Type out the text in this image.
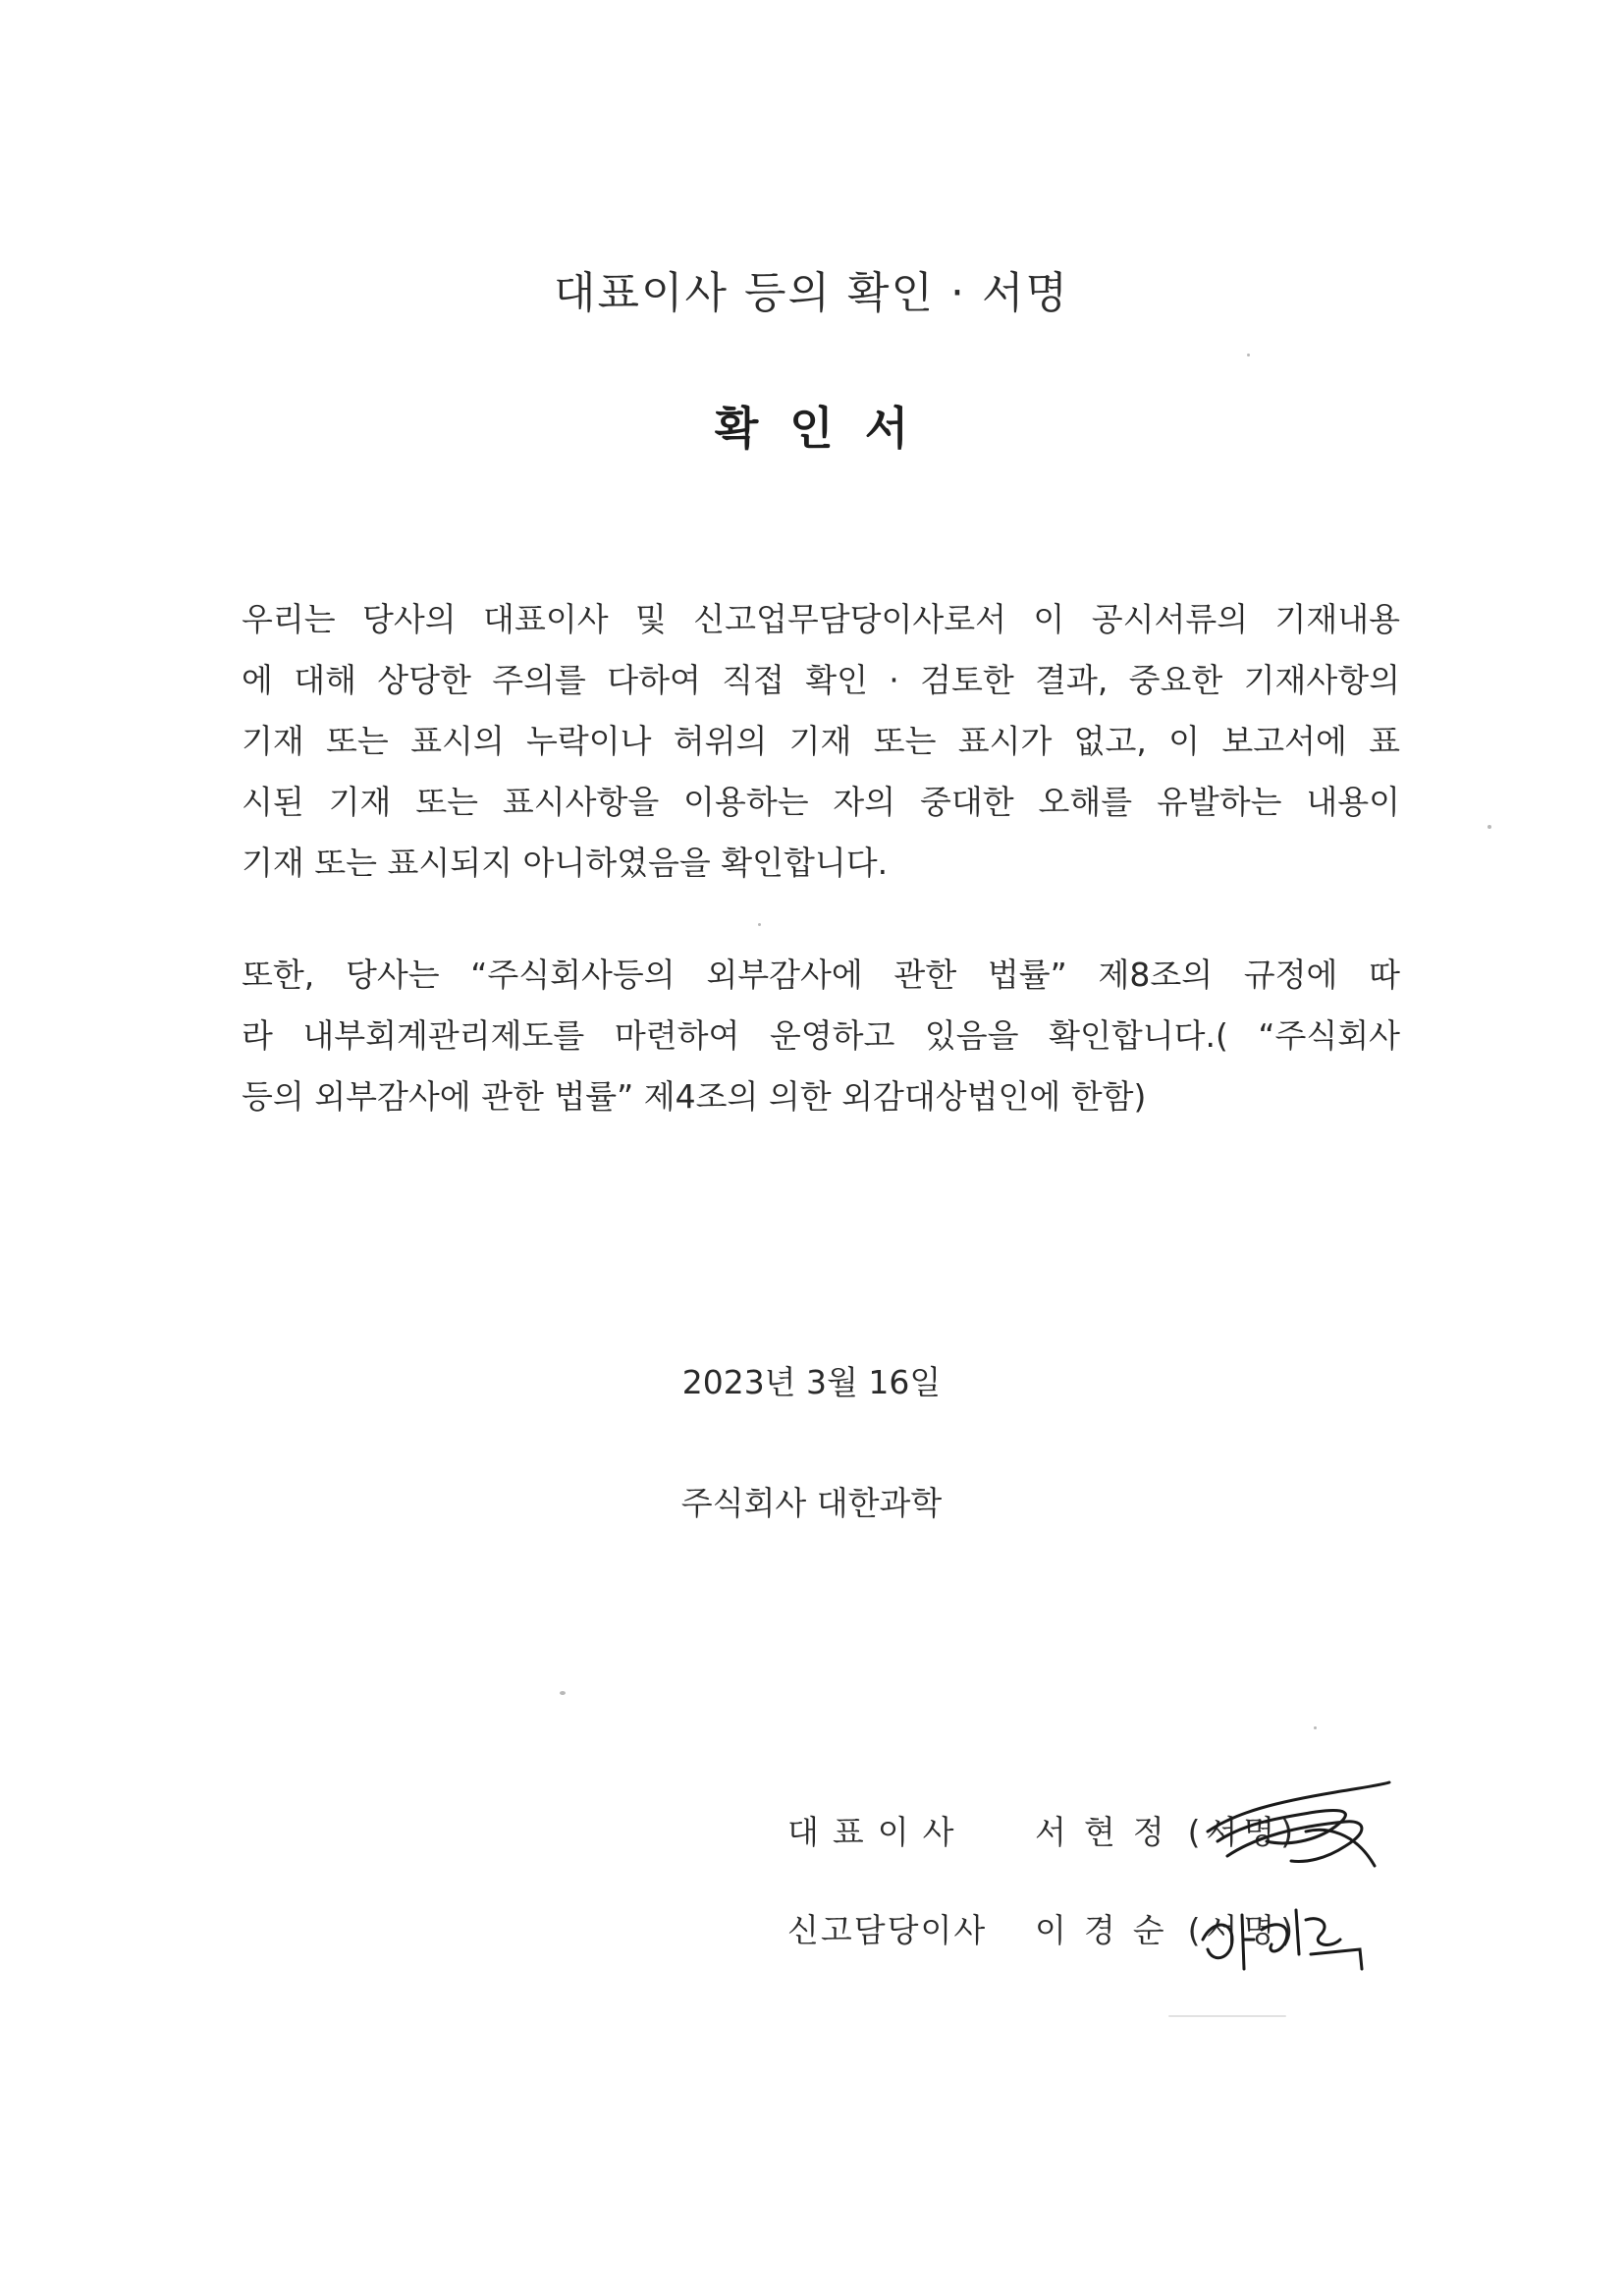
대표이사 등의 확인 · 서명
확인서
우리는 당사의 대표이사 및 신고업무담당이사로서 이 공시서류의 기재내용
에 대해 상당한 주의를 다하여 직접 확인 · 검토한 결과, 중요한 기재사항의
기재 또는 표시의 누락이나 허위의 기재 또는 표시가 없고, 이 보고서에 표
시된 기재 또는 표시사항을 이용하는 자의 중대한 오해를 유발하는 내용이
기재 또는 표시되지 아니하였음을 확인합니다.
또한, 당사는 “주식회사등의 외부감사에 관한 법률” 제8조의 규정에 따
라 내부회계관리제도를 마련하여 운영하고 있음을 확인합니다.( “주식회사
등의 외부감사에 관한 법률” 제4조의 의한 외감대상법인에 한함)
2023년 3월 16일
주식회사 대한과학
대표이사	서현정 (서명)
신고담당이사	이경순 (서명)
